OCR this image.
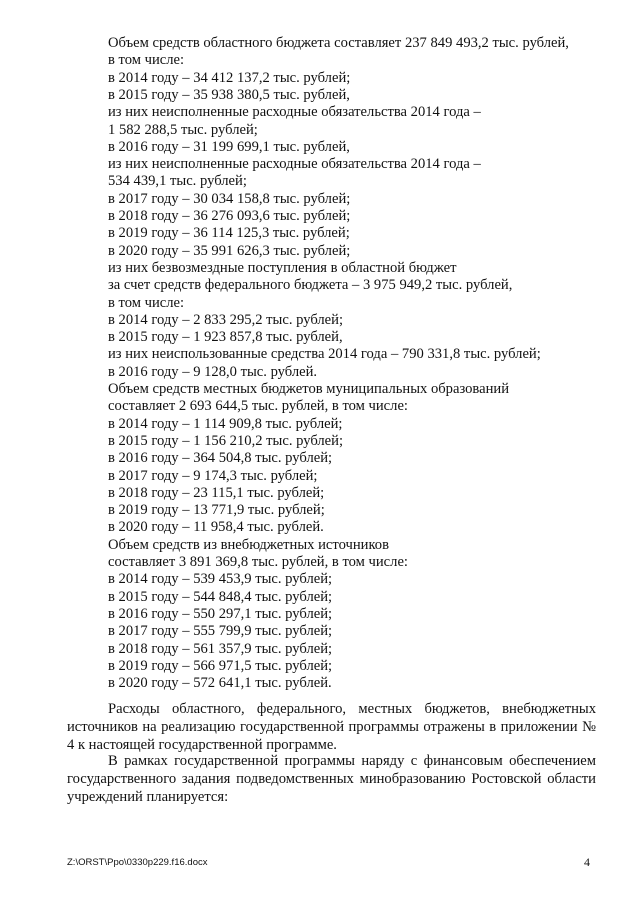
Объем средств областного бюджета составляет 237 849 493,2 тыс. рублей,
в том числе:
в 2014 году – 34 412 137,2 тыс. рублей;
в 2015 году – 35 938 380,5 тыс. рублей,
из них неисполненные расходные обязательства 2014 года –
1 582 288,5 тыс. рублей;
в 2016 году – 31 199 699,1 тыс. рублей,
из них неисполненные расходные обязательства 2014 года –
534 439,1 тыс. рублей;
в 2017 году – 30 034 158,8 тыс. рублей;
в 2018 году – 36 276 093,6 тыс. рублей;
в 2019 году – 36 114 125,3 тыс. рублей;
в 2020 году – 35 991 626,3 тыс. рублей;
из них безвозмездные поступления в областной бюджет
за счет средств федерального бюджета – 3 975 949,2 тыс. рублей,
в том числе:
в 2014 году – 2 833 295,2 тыс. рублей;
в 2015 году – 1 923 857,8 тыс. рублей,
из них неиспользованные средства 2014 года – 790 331,8 тыс. рублей;
в 2016 году – 9 128,0 тыс. рублей.
Объем средств местных бюджетов муниципальных образований
составляет 2 693 644,5 тыс. рублей, в том числе:
в 2014 году – 1 114 909,8 тыс. рублей;
в 2015 году – 1 156 210,2 тыс. рублей;
в 2016 году – 364 504,8 тыс. рублей;
в 2017 году – 9 174,3 тыс. рублей;
в 2018 году – 23 115,1 тыс. рублей;
в 2019 году – 13 771,9 тыс. рублей;
в 2020 году – 11 958,4 тыс. рублей.
Объем средств из внебюджетных источников
составляет 3 891 369,8 тыс. рублей, в том числе:
в 2014 году – 539 453,9 тыс. рублей;
в 2015 году – 544 848,4 тыс. рублей;
в 2016 году – 550 297,1 тыс. рублей;
в 2017 году – 555 799,9 тыс. рублей;
в 2018 году – 561 357,9 тыс. рублей;
в 2019 году – 566 971,5 тыс. рублей;
в 2020 году – 572 641,1 тыс. рублей.

Расходы областного, федерального, местных бюджетов, внебюджетных источников на реализацию государственной программы отражены в приложении № 4 к настоящей государственной программе.

В рамках государственной программы наряду с финансовым обеспечением государственного задания подведомственных минобразованию Ростовской области учреждений планируется:

Z:\ORST\Ppo\0330p229.f16.docx	4
